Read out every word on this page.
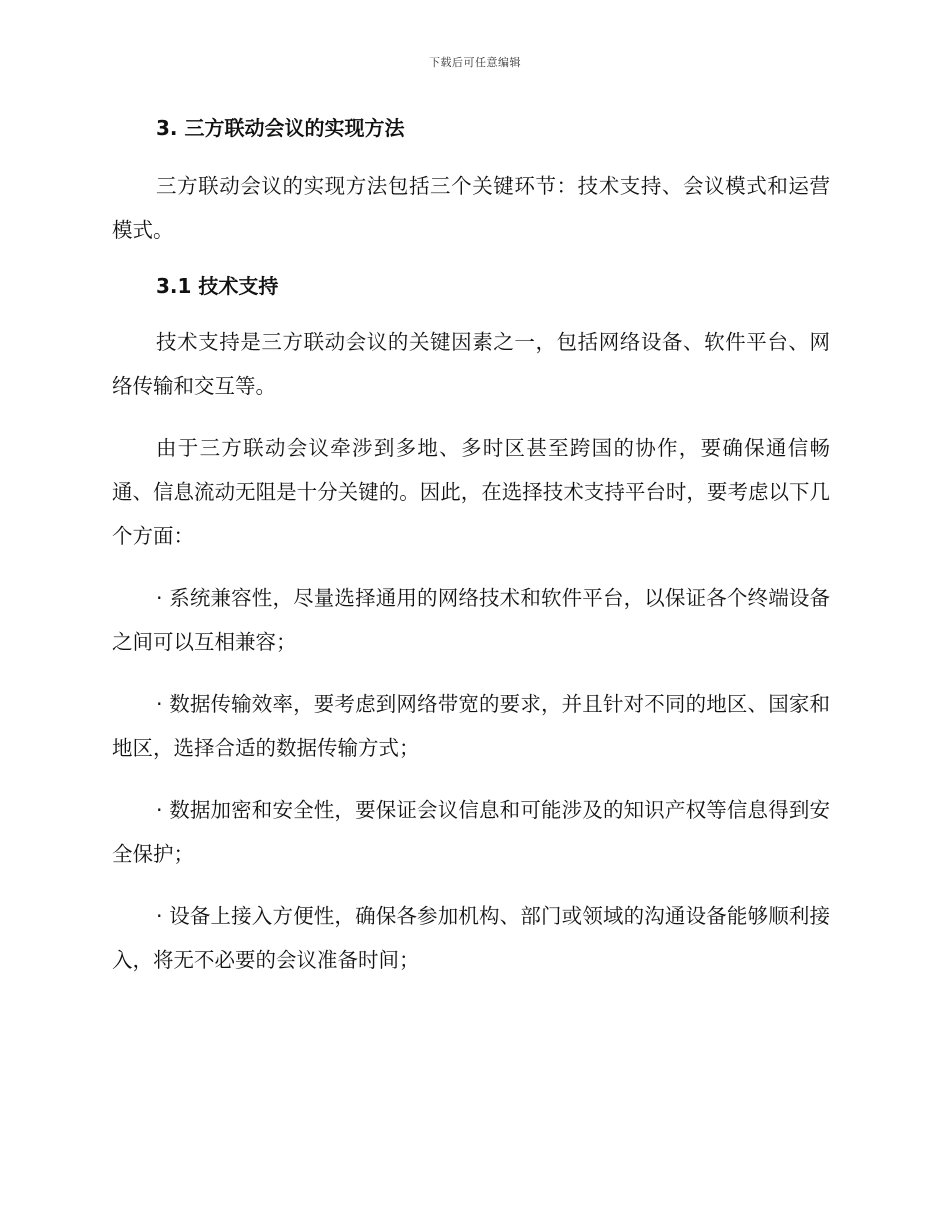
下载后可任意编辑

3. 三方联动会议的实现方法

三方联动会议的实现方法包括三个关键环节：技术支持、会议模式和运营模式。

3.1 技术支持

技术支持是三方联动会议的关键因素之一，包括网络设备、软件平台、网络传输和交互等。

由于三方联动会议牵涉到多地、多时区甚至跨国的协作，要确保通信畅通、信息流动无阻是十分关键的。因此，在选择技术支持平台时，要考虑以下几个方面：

· 系统兼容性，尽量选择通用的网络技术和软件平台，以保证各个终端设备之间可以互相兼容；

· 数据传输效率，要考虑到网络带宽的要求，并且针对不同的地区、国家和地区，选择合适的数据传输方式；

· 数据加密和安全性，要保证会议信息和可能涉及的知识产权等信息得到安全保护；

· 设备上接入方便性，确保各参加机构、部门或领域的沟通设备能够顺利接入，将无不必要的会议准备时间；
